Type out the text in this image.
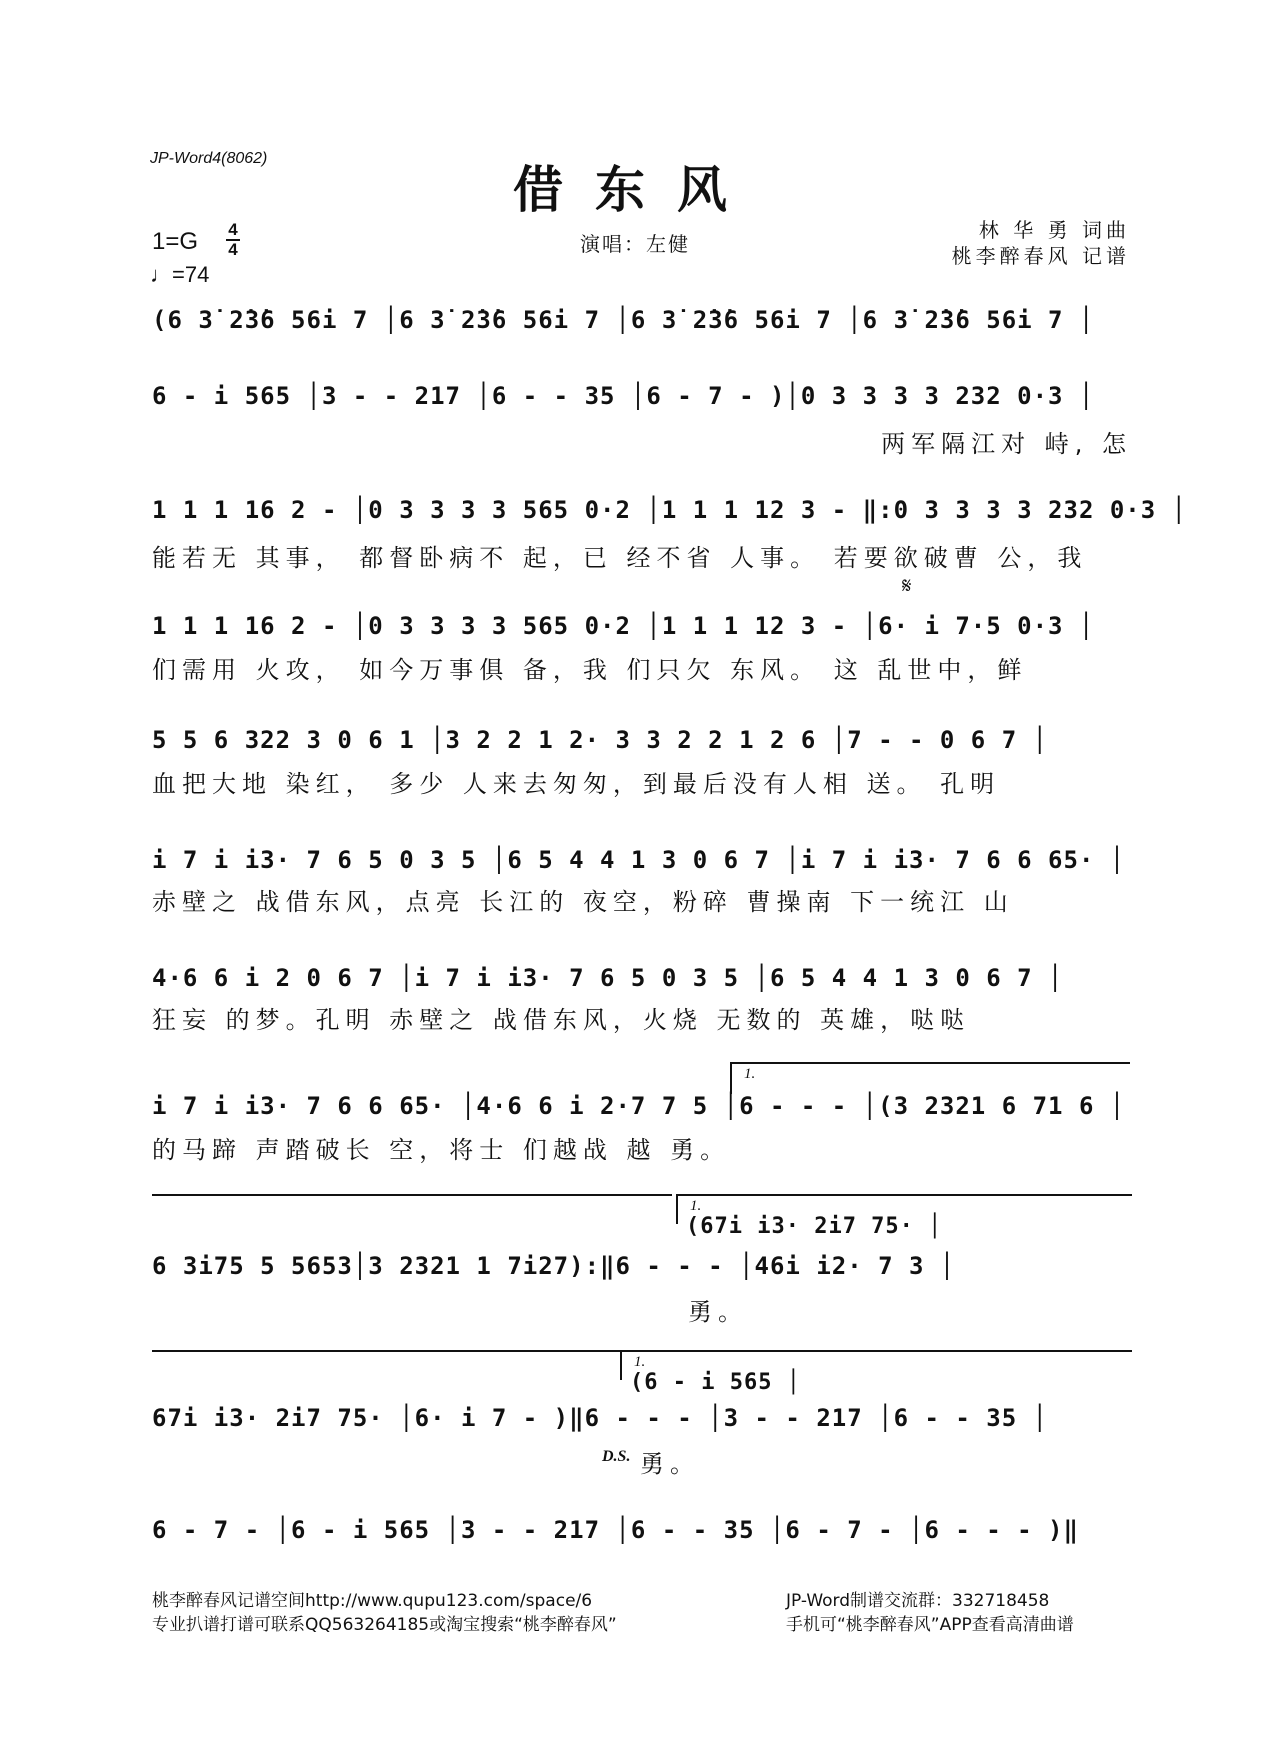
JP-Word4(8062)
借东风
1=G 4
4
♩=74
演唱：左健
林 华 勇 词曲
桃李醉春风 记谱
(6 3̇ 2̇3̇6 56i 7 │6 3̇ 2̇3̇6 56i 7 │6 3̇ 2̇3̇6 56i 7 │6 3̇ 2̇3̇6 56i 7 │
6 - i 565 │3 - - 217 │6 - - 35 │6 - 7 - )│0 3 3 3 3 232 0·3 │
两军隔江对 峙, 怎
1 1 1 16 2 - │0 3 3 3 3 565 0·2 │1 1 1 12 3 - ‖:0 3 3 3 3 232 0·3 │
能若无 其事， 都督卧病不 起，已 经不省 人事。 若要欲破曹 公，我
𝄋
1 1 1 16 2 - │0 3 3 3 3 565 0·2 │1 1 1 12 3 - │6· i 7·5 0·3 │
们需用 火攻， 如今万事俱 备，我 们只欠 东风。 这 乱世中，鲜
5 5 6 322 3 0 6 1 │3 2 2 1 2· 3 3 2 2 1 2 6 │7 - - 0 6 7 │
血把大地 染红， 多少 人来去匆匆，到最后没有人相 送。 孔明
i 7 i i3· 7 6 5 0 3 5 │6 5 4 4 1 3 0 6 7 │i 7 i i3· 7 6 6 65· │
赤壁之 战借东风，点亮 长江的 夜空，粉碎 曹操南 下一统江 山
4·6 6 i 2 0 6 7 │i 7 i i3· 7 6 5 0 3 5 │6 5 4 4 1 3 0 6 7 │
狂妄 的梦。孔明 赤壁之 战借东风，火烧 无数的 英雄，哒哒
1.
i 7 i i3· 7 6 6 65· │4·6 6 i 2·7 7 5 │6 - - - │(3 2321 6 71 6 │
的马蹄 声踏破长 空，将士 们越战 越 勇。
1.
(67i i3· 2i7 75· │
6 3i75 5 5653│3 2321 1 7i27):‖6 - - - │46i i2· 7 3 │
勇。
1.
(6 - i 565 │
67i i3· 2i7 75· │6· i 7 - )‖6 - - - │3 - - 217 │6 - - 35 │
D.S. 勇。
6 - 7 - │6 - i 565 │3 - - 217 │6 - - 35 │6 - 7 - │6 - - - )‖
桃李醉春风记谱空间http://www.qupu123.com/space/6
专业扒谱打谱可联系QQ563264185或淘宝搜索“桃李醉春风”
JP-Word制谱交流群：332718458
手机可“桃李醉春风”APP查看高清曲谱
